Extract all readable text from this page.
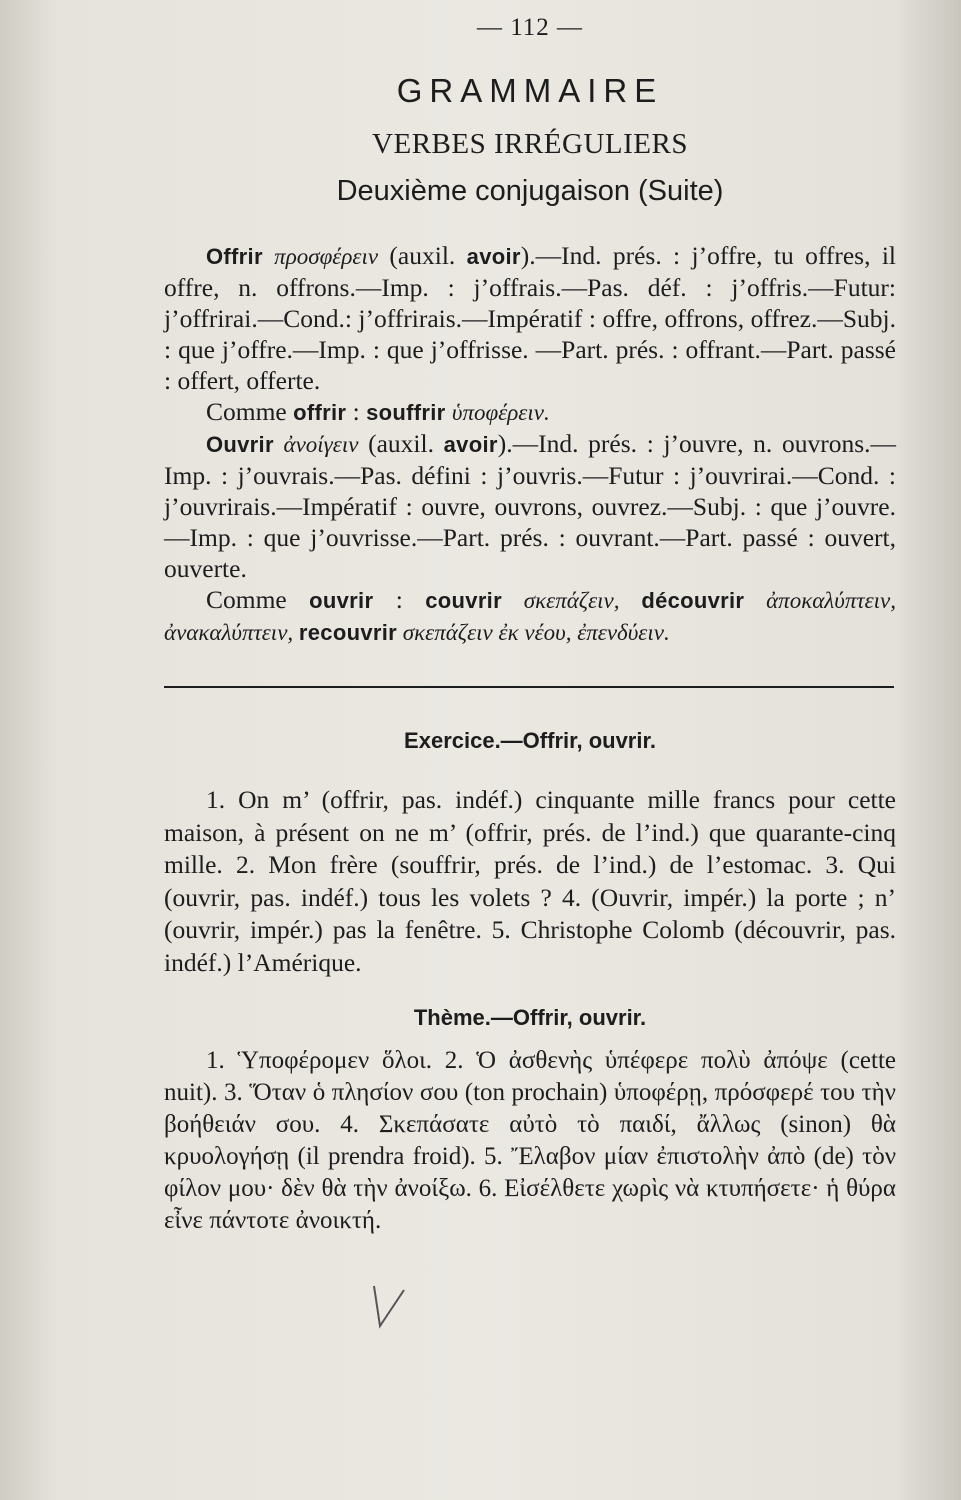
— 112 —
GRAMMAIRE
VERBES IRRÉGULIERS
Deuxième conjugaison (Suite)

Offrir προσφέρειν (auxil. avoir).—Ind. prés. : j’offre, tu offres, il offre, n. offrons.—Imp. : j’offrais.—Pas. déf. : j’offris.—Futur: j’offrirai.—Cond.: j’offrirais.—Impératif : offre, offrons, offrez.—Subj. : que j’offre.—Imp. : que j’offrisse. —Part. prés. : offrant.—Part. passé : offert, offerte.

Comme offrir : souffrir ὑποφέρειν.

Ouvrir ἀνοίγειν (auxil. avoir).—Ind. prés. : j’ouvre, n. ouvrons.—Imp. : j’ouvrais.—Pas. défini : j’ouvris.—Futur : j’ouvrirai.—Cond. : j’ouvrirais.—Impératif : ouvre, ouvrons, ouvrez.—Subj. : que j’ouvre.—Imp. : que j’ouvrisse.—Part. prés. : ouvrant.—Part. passé : ouvert, ouverte.

Comme ouvrir : couvrir σκεπάζειν, découvrir ἀποκαλύπτειν, ἀνακαλύπτειν, recouvrir σκεπάζειν ἐκ νέου, ἐπενδύειν.

Exercice.—Offrir, ouvrir.

1. On m’ (offrir, pas. indéf.) cinquante mille francs pour cette maison, à présent on ne m’ (offrir, prés. de l’ind.) que quarante-cinq mille. 2. Mon frère (souffrir, prés. de l’ind.) de l’estomac. 3. Qui (ouvrir, pas. indéf.) tous les volets ? 4. (Ouvrir, impér.) la porte ; n’ (ouvrir, impér.) pas la fenêtre. 5. Christophe Colomb (découvrir, pas. indéf.) l’Amérique.

Thème.—Offrir, ouvrir.

1. Ὑποφέρομεν ὅλοι. 2. Ὁ ἀσθενὴς ὑπέφερε πολὺ ἀπόψε (cette nuit). 3. Ὅταν ὁ πλησίον σου (ton prochain) ὑποφέρῃ, πρόσφερέ του τὴν βοήθειάν σου. 4. Σκεπάσατε αὐτὸ τὸ παιδί, ἄλλως (sinon) θὰ κρυολογήσῃ (il prendra froid). 5. Ἔλαβον μίαν ἐπιστολὴν ἀπὸ (de) τὸν φίλον μου· δὲν θὰ τὴν ἀνοίξω. 6. Εἰσέλθετε χωρὶς νὰ κτυπήσετε· ἡ θύρα εἶνε πάντοτε ἀνοικτή.
